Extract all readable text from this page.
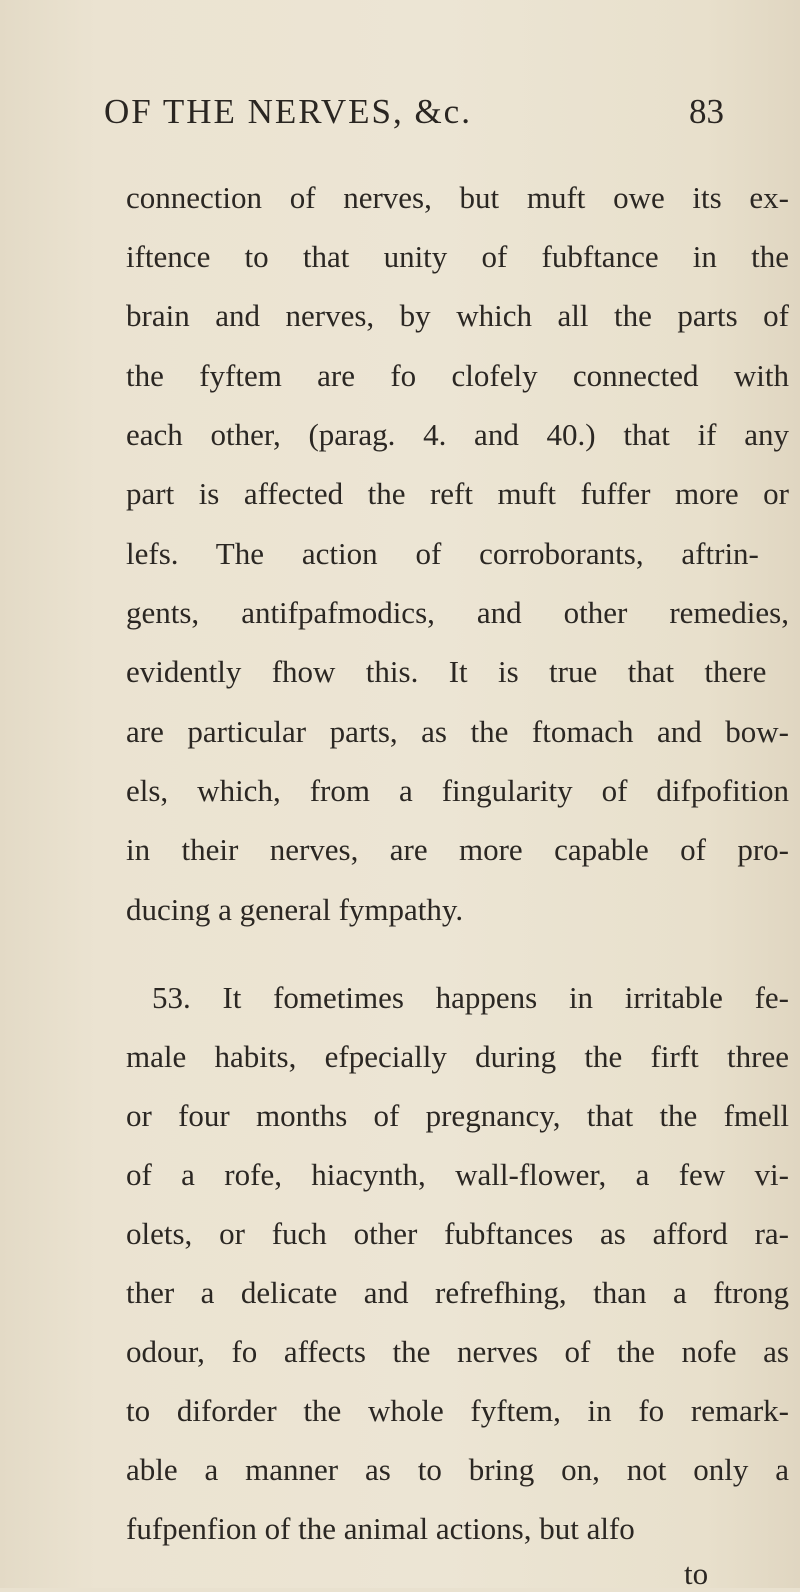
OF THE NERVES, &c.	83
connection of nerves, but muft owe its ex-
iftence to that unity of fubftance in the
brain and nerves, by which all the parts of
the fyftem are fo clofely connected with
each other, (parag. 4. and 40.) that if any
part is affected the reft muft fuffer more or
lefs. The action of corroborants, aftrin-
gents, antifpafmodics, and other remedies,
evidently fhow this. It is true that there
are particular parts, as the ftomach and bow-
els, which, from a fingularity of difpofition
in their nerves, are more capable of pro-
ducing a general fympathy.
53. It fometimes happens in irritable fe-
male habits, efpecially during the firft three
or four months of pregnancy, that the fmell
of a rofe, hiacynth, wall-flower, a few vi-
olets, or fuch other fubftances as afford ra-
ther a delicate and refrefhing, than a ftrong
odour, fo affects the nerves of the nofe as
to diforder the whole fyftem, in fo remark-
able a manner as to bring on, not only a
fufpenfion of the animal actions, but alfo
to
